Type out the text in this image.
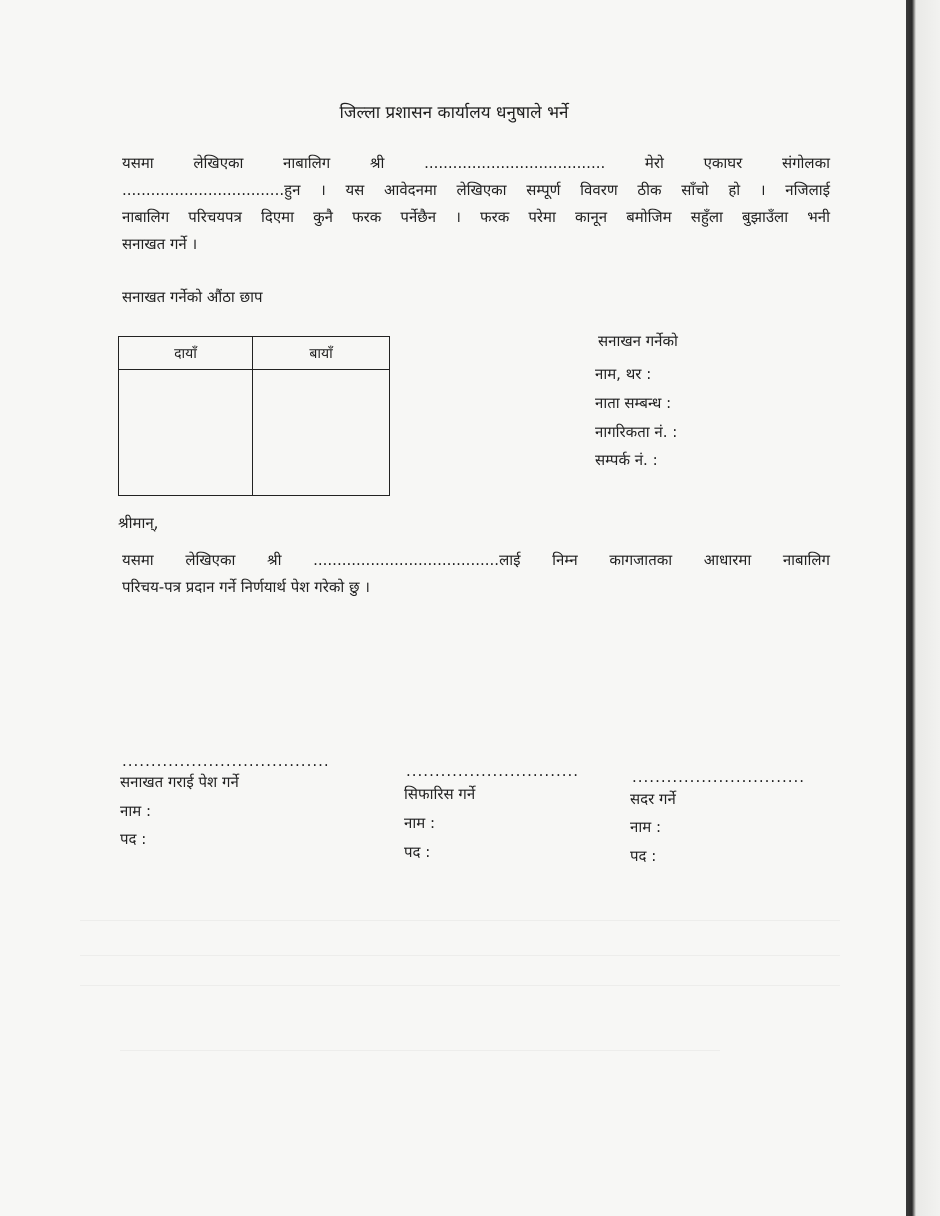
जिल्ला प्रशासन कार्यालय धनुषाले भर्ने
यसमा लेखिएका नाबालिग श्री ...................................... मेरो एकाघर संगोलका
..................................हुन । यस आवेदनमा लेखिएका सम्पूर्ण विवरण ठीक साँचो हो । नजिलाई
नाबालिग परिचयपत्र दिएमा कुनै फरक पर्नेछैन । फरक परेमा कानून बमोजिम सहुँला बुझाउँला भनी
सनाखत गर्ने ।
सनाखत गर्नेको औंठा छाप
दायाँ	बायाँ

सनाखन गर्नेको
नाम, थर :
नाता सम्बन्ध :
नागरिकता नं. :
सम्पर्क नं. :
श्रीमान्,
यसमा लेखिएका श्री .......................................लाई निम्न कागजातका आधारमा नाबालिग
परिचय-पत्र प्रदान गर्ने निर्णयार्थ पेश गरेको छु ।
....................................
सनाखत गराई पेश गर्ने
नाम :
पद :
..............................
सिफारिस गर्ने
नाम :
पद :
..............................
सदर गर्ने
नाम :
पद :
